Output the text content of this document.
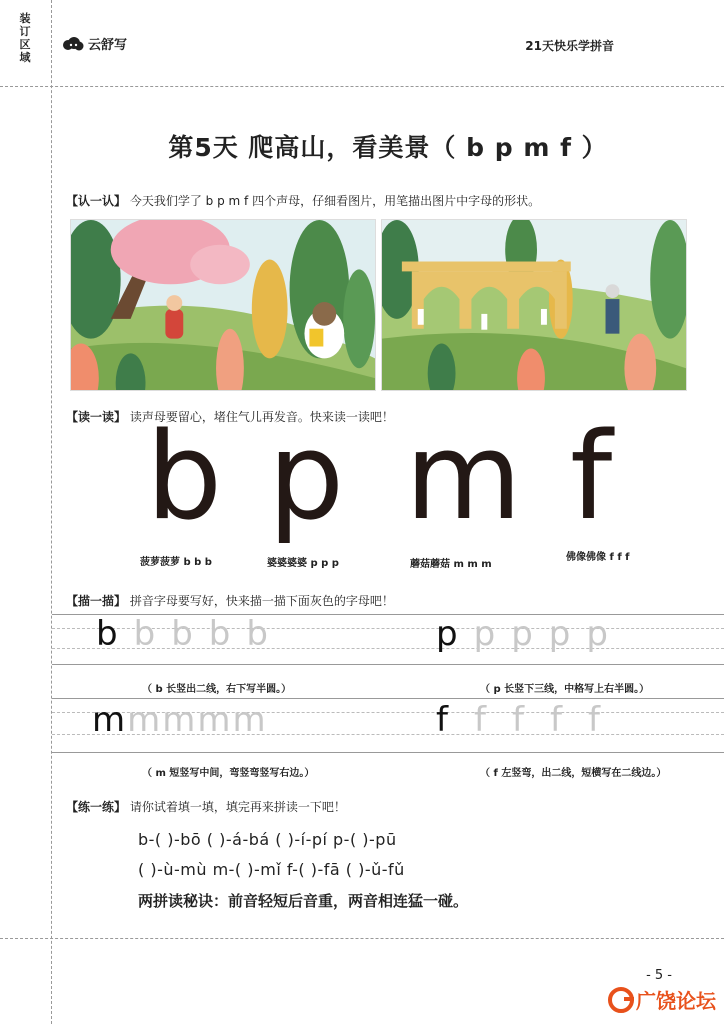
装订区域
云舒写	21天快乐学拼音
第5天 爬高山，看美景（ b p m f ）
【认一认】 今天我们学了 b p m f 四个声母，仔细看图片，用笔描出图片中字母的形状。
【读一读】 读声母要留心，堵住气儿再发音。快来读一读吧！
b p m f
菠萝菠萝 b b b	婆婆婆婆 p p p	蘑菇蘑菇 m m m
佛像佛像 f f f
【描一描】 拼音字母要写好，快来描一描下面灰色的字母吧！
b b b b b	p p p p p
（ b 长竖出二线，右下写半圆。）	（ p 长竖下三线，中格写上右半圆。）
m m m m m	f f f f f
（ m 短竖写中间，弯竖弯竖写右边。）	（ f 左竖弯，出二线，短横写在二线边。）
【练一练】 请你试着填一填，填完再来拼读一下吧！
b-( )-bō ( )-á-bá ( )-í-pí p-( )-pū
( )-ù-mù m-( )-mǐ f-( )-fā ( )-ǔ-fǔ
两拼读秘诀：前音轻短后音重，两音相连猛一碰。
- 5 -
广饶论坛
